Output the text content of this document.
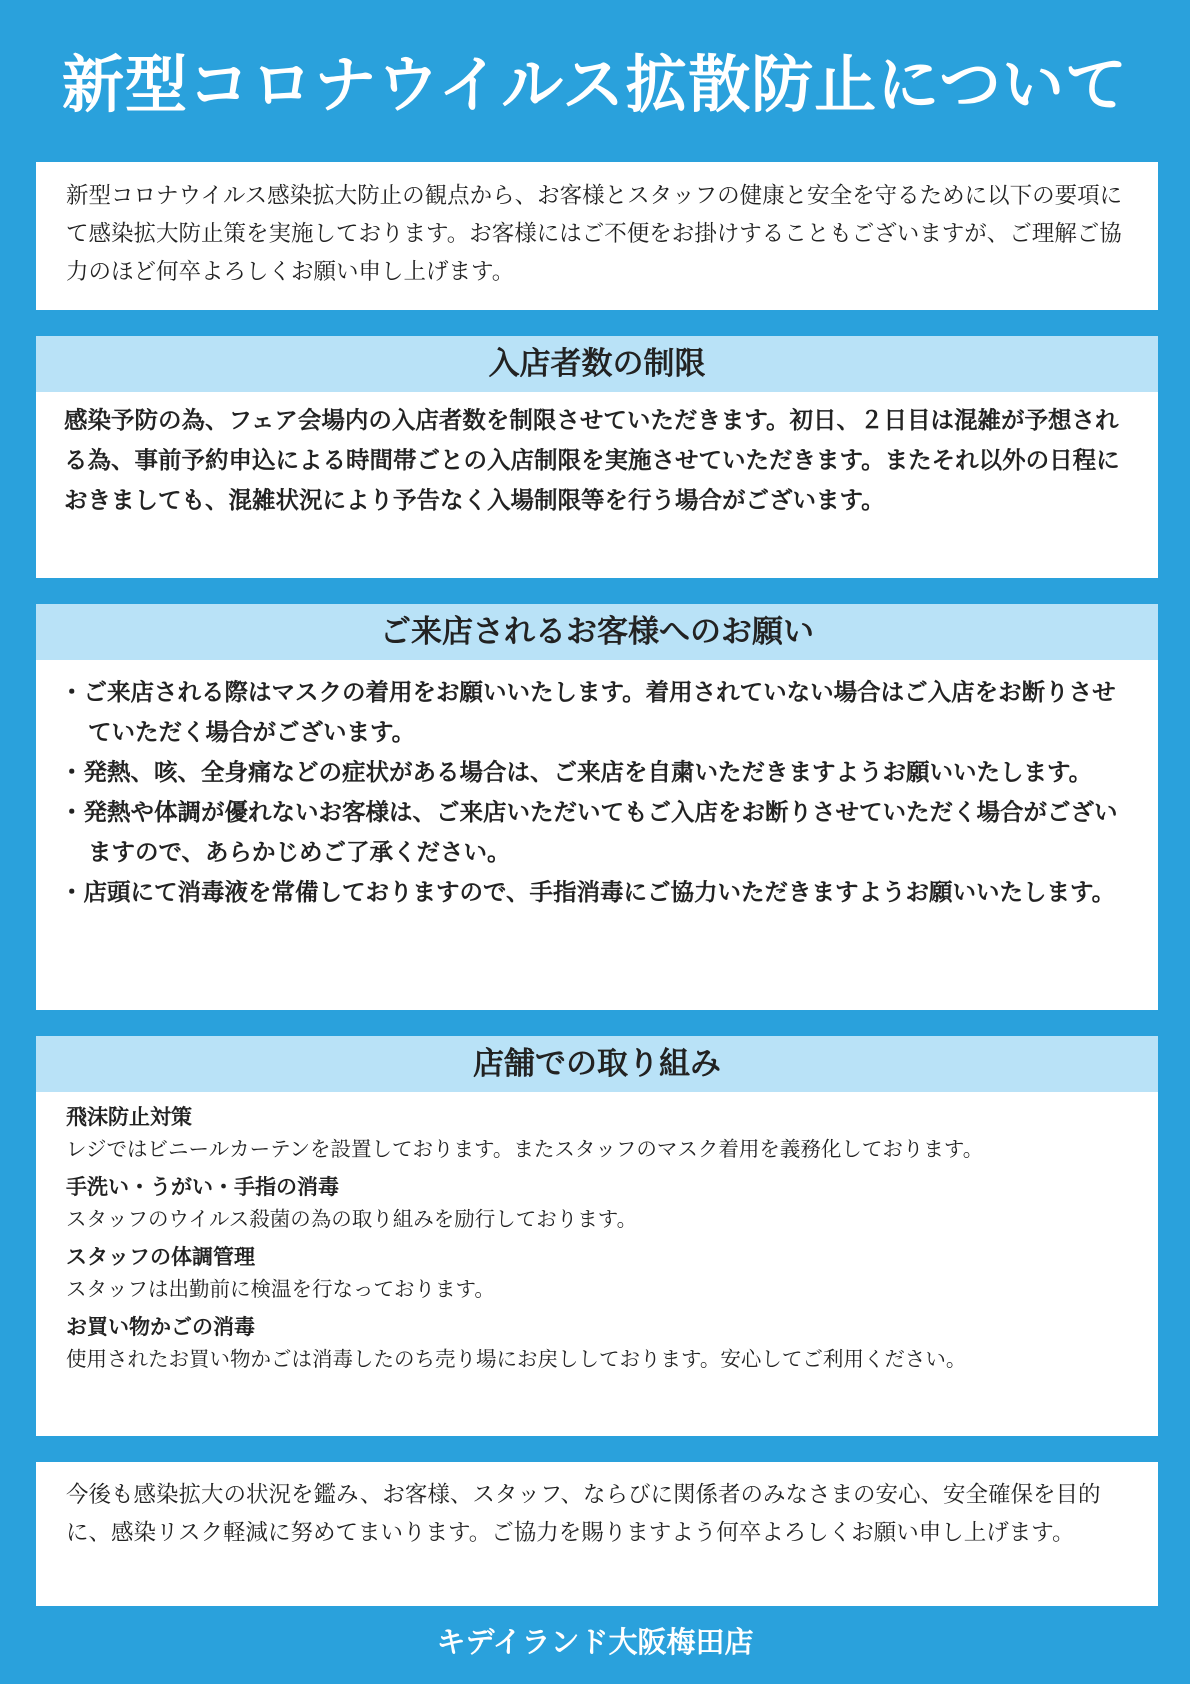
新型コロナウイルス拡散防止について

新型コロナウイルス感染拡大防止の観点から、お客様とスタッフの健康と安全を守るために以下の要項にて感染拡大防止策を実施しております。お客様にはご不便をお掛けすることもございますが、ご理解ご協力のほど何卒よろしくお願い申し上げます。

入店者数の制限

感染予防の為、フェア会場内の入店者数を制限させていただきます。初日、２日目は混雑が予想される為、事前予約申込による時間帯ごとの入店制限を実施させていただきます。またそれ以外の日程におきましても、混雑状況により予告なく入場制限等を行う場合がございます。

ご来店されるお客様へのお願い

・ご来店される際はマスクの着用をお願いいたします。着用されていない場合はご入店をお断りさせていただく場合がございます。

・発熱、咳、全身痛などの症状がある場合は、ご来店を自粛いただきますようお願いいたします。

・発熱や体調が優れないお客様は、ご来店いただいてもご入店をお断りさせていただく場合がございますので、あらかじめご了承ください。

・店頭にて消毒液を常備しておりますので、手指消毒にご協力いただきますようお願いいたします。

店舗での取り組み
飛沫防止対策
レジではビニールカーテンを設置しております。またスタッフのマスク着用を義務化しております。
手洗い・うがい・手指の消毒
スタッフのウイルス殺菌の為の取り組みを励行しております。
スタッフの体調管理
スタッフは出勤前に検温を行なっております。
お買い物かごの消毒
使用されたお買い物かごは消毒したのち売り場にお戻ししております。安心してご利用ください。

今後も感染拡大の状況を鑑み、お客様、スタッフ、ならびに関係者のみなさまの安心、安全確保を目的に、感染リスク軽減に努めてまいります。ご協力を賜りますよう何卒よろしくお願い申し上げます。

キデイランド大阪梅田店
